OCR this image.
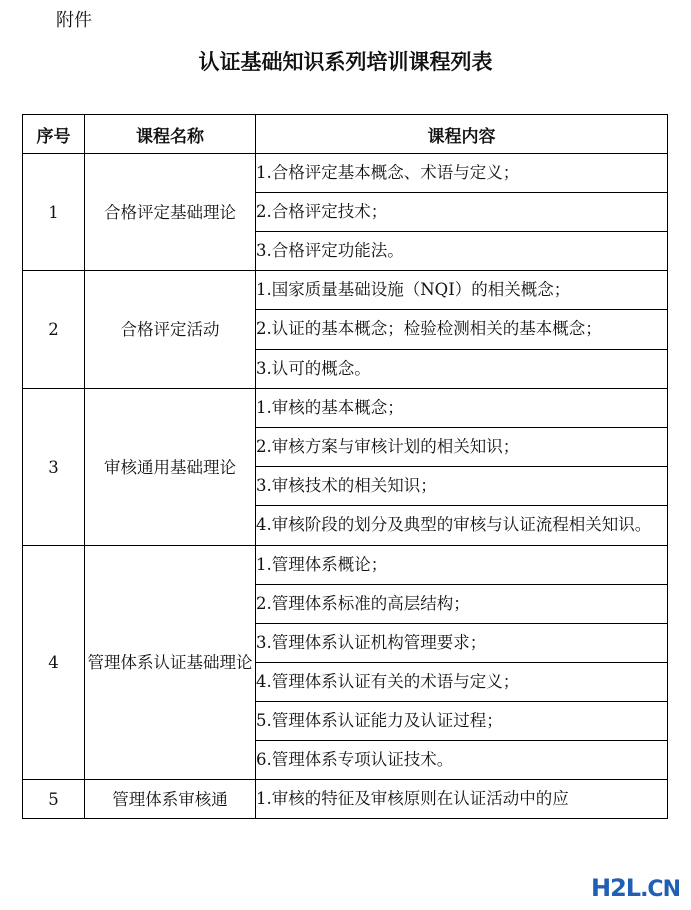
附件
认证基础知识系列培训课程列表
序号	课程名称	课程内容
1	合格评定基础理论	1.合格评定基本概念、术语与定义；
		2.合格评定技术；
		3.合格评定功能法。
2	合格评定活动	1.国家质量基础设施（NQI）的相关概念；
		2.认证的基本概念；检验检测相关的基本概念；
		3.认可的概念。
3	审核通用基础理论	1.审核的基本概念；
		2.审核方案与审核计划的相关知识；
		3.审核技术的相关知识；
		4.审核阶段的划分及典型的审核与认证流程相关知识。
4	管理体系认证基础理论	1.管理体系概论；
		2.管理体系标准的高层结构；
		3.管理体系认证机构管理要求；
		4.管理体系认证有关的术语与定义；
		5.管理体系认证能力及认证过程；
		6.管理体系专项认证技术。
5	管理体系审核通	1.审核的特征及审核原则在认证活动中的应
H2L.CN
